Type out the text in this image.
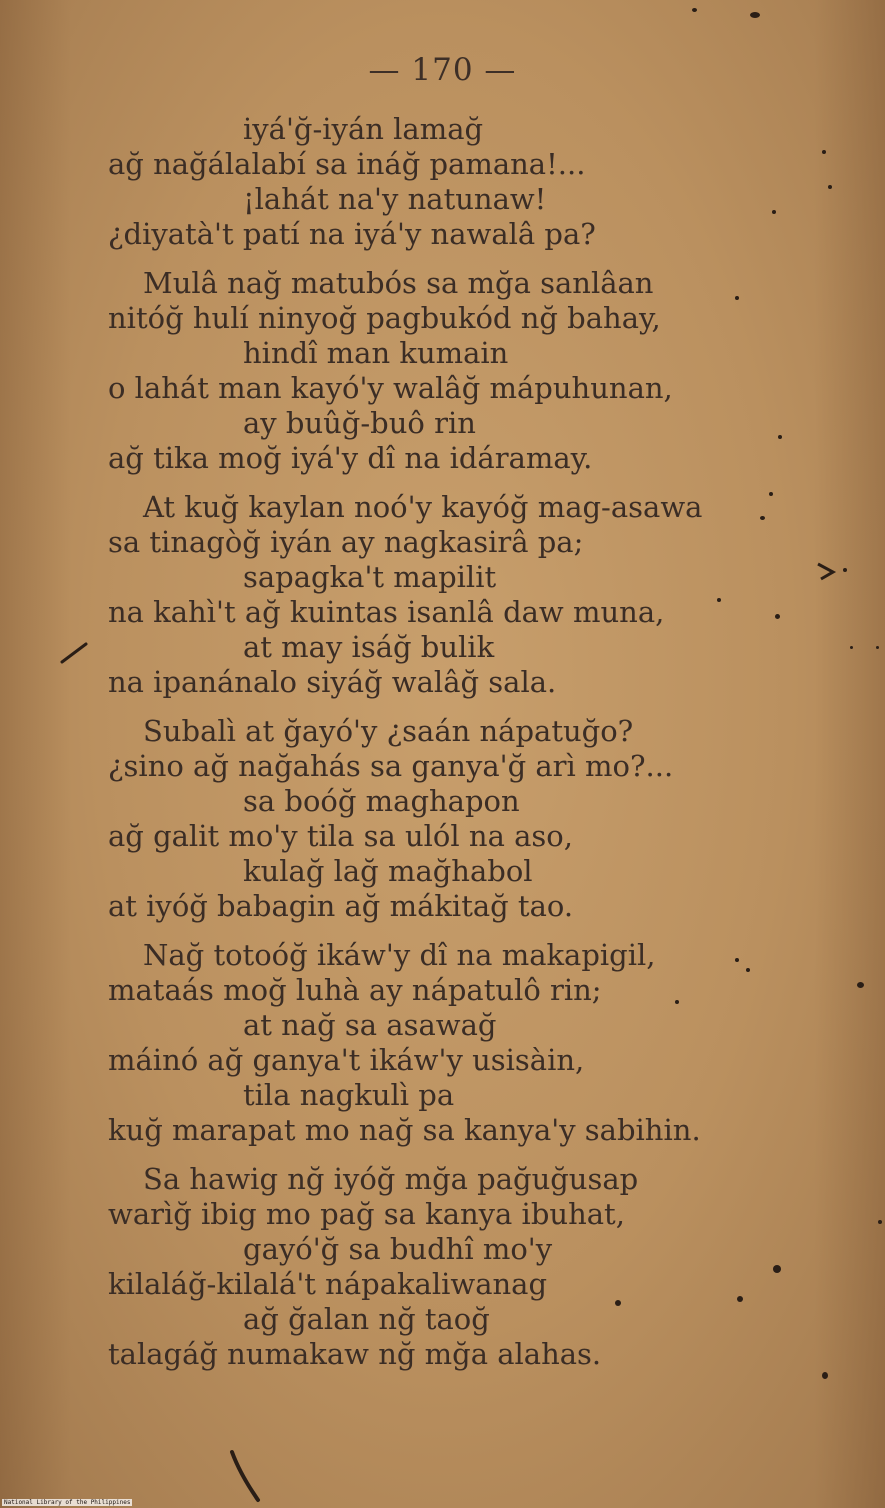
— 170 —
iyá'ğ-iyán lamağ
ağ nağálalabí sa ináğ pamana!...
¡lahát na'y natunaw!
¿diyatà't patí na iyá'y nawalâ pa?
Mulâ nağ matubós sa mğa sanlâan
nitóğ hulí ninyoğ pagbukód nğ bahay,
hindî man kumain
o lahát man kayó'y walâğ mápuhunan,
ay buûğ-buô rin
ağ tika moğ iyá'y dî na idáramay.
At kuğ kaylan noó'y kayóğ mag-asawa
sa tinagòğ iyán ay nagkasirâ pa;
sapagka't mapilit
na kahì't ağ kuintas isanlâ daw muna,
at may isáğ bulik
na ipanánalo siyáğ walâğ sala.
Subalì at ğayó'y ¿saán nápatuğo?
¿sino ağ nağahás sa ganya'ğ arì mo?...
sa boóğ maghapon
ağ galit mo'y tila sa ulól na aso,
kulağ lağ mağhabol
at iyóğ babagin ağ mákitağ tao.
Nağ totoóğ ikáw'y dî na makapigil,
mataás moğ luhà ay nápatulô rin;
at nağ sa asawağ
máinó ağ ganya't ikáw'y usisàin,
tila nagkulì pa
kuğ marapat mo nağ sa kanya'y sabihin.
Sa hawig nğ iyóğ mğa pağuğusap
warìğ ibig mo pağ sa kanya ibuhat,
gayó'ğ sa budhî mo'y
kilaláğ-kilalá't nápakaliwanag
ağ ğalan nğ taoğ
talagáğ numakaw nğ mğa alahas.
National Library of the Philippines
